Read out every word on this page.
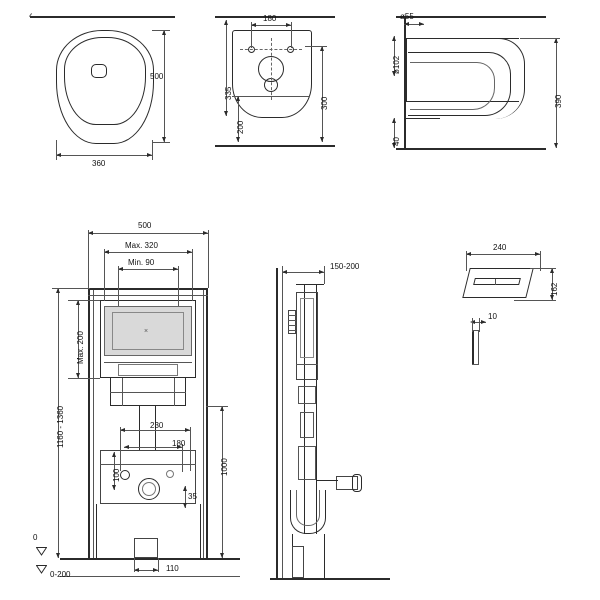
500
360
180
335
200
300
ø55
ø102
390
40
×
500
Max. 320
Min. 90
Max. 200
1160 - 1360
1000
230
180
100
35
110
0
0-200
150-200
240
162
10
